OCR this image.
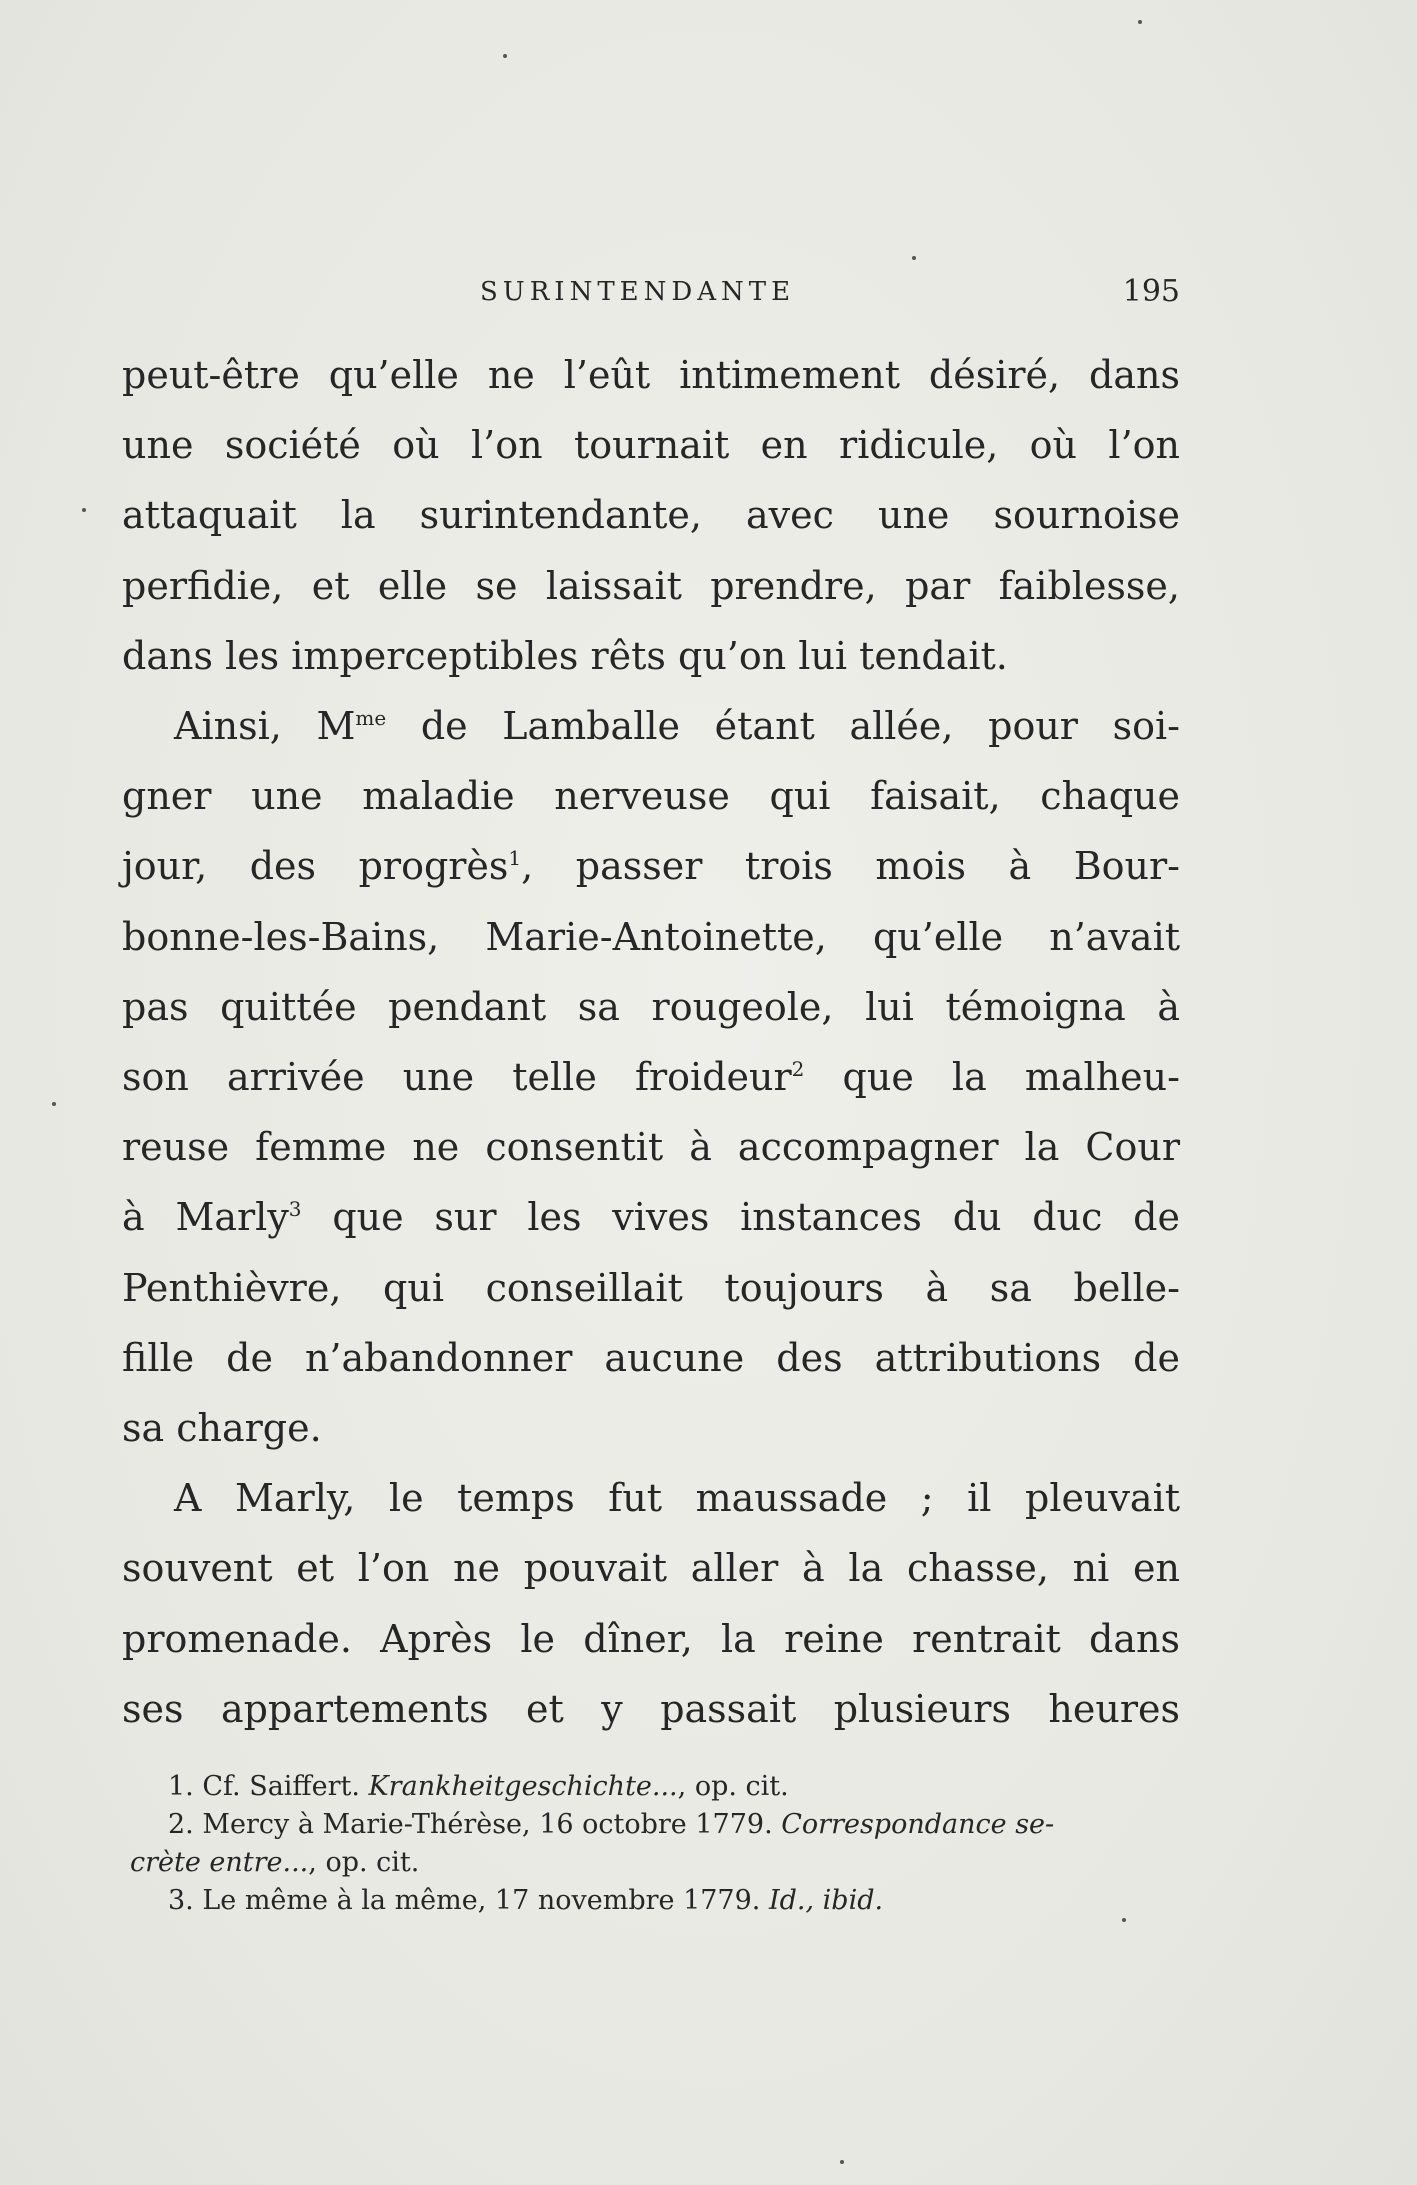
SURINTENDANTE	195

peut-être qu’elle ne l’eût intimement désiré, dans
une société où l’on tournait en ridicule, où l’on
attaquait la surintendante, avec une sournoise
perfidie, et elle se laissait prendre, par faiblesse,
dans les imperceptibles rêts qu’on lui tendait.

Ainsi, $M^{me}$ de Lamballe étant allée, pour soi-
gner une maladie nerveuse qui faisait, chaque
jour, des progrès$^1$, passer trois mois à Bour-
bonne-les-Bains, Marie-Antoinette, qu’elle n’avait
pas quittée pendant sa rougeole, lui témoigna à
son arrivée une telle froideur$^2$ que la malheu-
reuse femme ne consentit à accompagner la Cour
à Marly$^3$ que sur les vives instances du duc de
Penthièvre, qui conseillait toujours à sa belle-
fille de n’abandonner aucune des attributions de
sa charge.

A Marly, le temps fut maussade ; il pleuvait
souvent et l’on ne pouvait aller à la chasse, ni en
promenade. Après le dîner, la reine rentrait dans
ses appartements et y passait plusieurs heures

1. Cf. Saiffert. Krankheitgeschichte..., op. cit.
2. Mercy à Marie-Thérèse, 16 octobre 1779. Correspondance se-
crète entre..., op. cit.
3. Le même à la même, 17 novembre 1779. Id., ibid.
